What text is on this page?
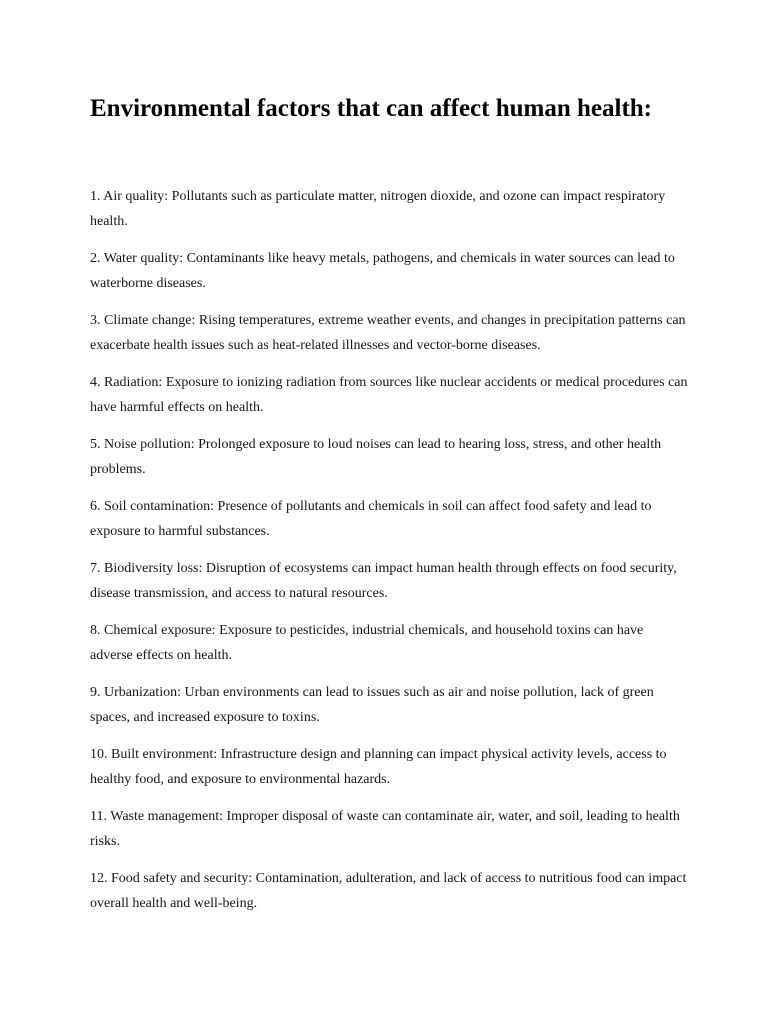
Environmental factors that can affect human health:
1. Air quality: Pollutants such as particulate matter, nitrogen dioxide, and ozone can impact respiratory health.
2. Water quality: Contaminants like heavy metals, pathogens, and chemicals in water sources can lead to waterborne diseases.
3. Climate change: Rising temperatures, extreme weather events, and changes in precipitation patterns can exacerbate health issues such as heat-related illnesses and vector-borne diseases.
4. Radiation: Exposure to ionizing radiation from sources like nuclear accidents or medical procedures can have harmful effects on health.
5. Noise pollution: Prolonged exposure to loud noises can lead to hearing loss, stress, and other health problems.
6. Soil contamination: Presence of pollutants and chemicals in soil can affect food safety and lead to exposure to harmful substances.
7. Biodiversity loss: Disruption of ecosystems can impact human health through effects on food security, disease transmission, and access to natural resources.
8. Chemical exposure: Exposure to pesticides, industrial chemicals, and household toxins can have adverse effects on health.
9. Urbanization: Urban environments can lead to issues such as air and noise pollution, lack of green spaces, and increased exposure to toxins.
10. Built environment: Infrastructure design and planning can impact physical activity levels, access to healthy food, and exposure to environmental hazards.
11. Waste management: Improper disposal of waste can contaminate air, water, and soil, leading to health risks.
12. Food safety and security: Contamination, adulteration, and lack of access to nutritious food can impact overall health and well-being.
